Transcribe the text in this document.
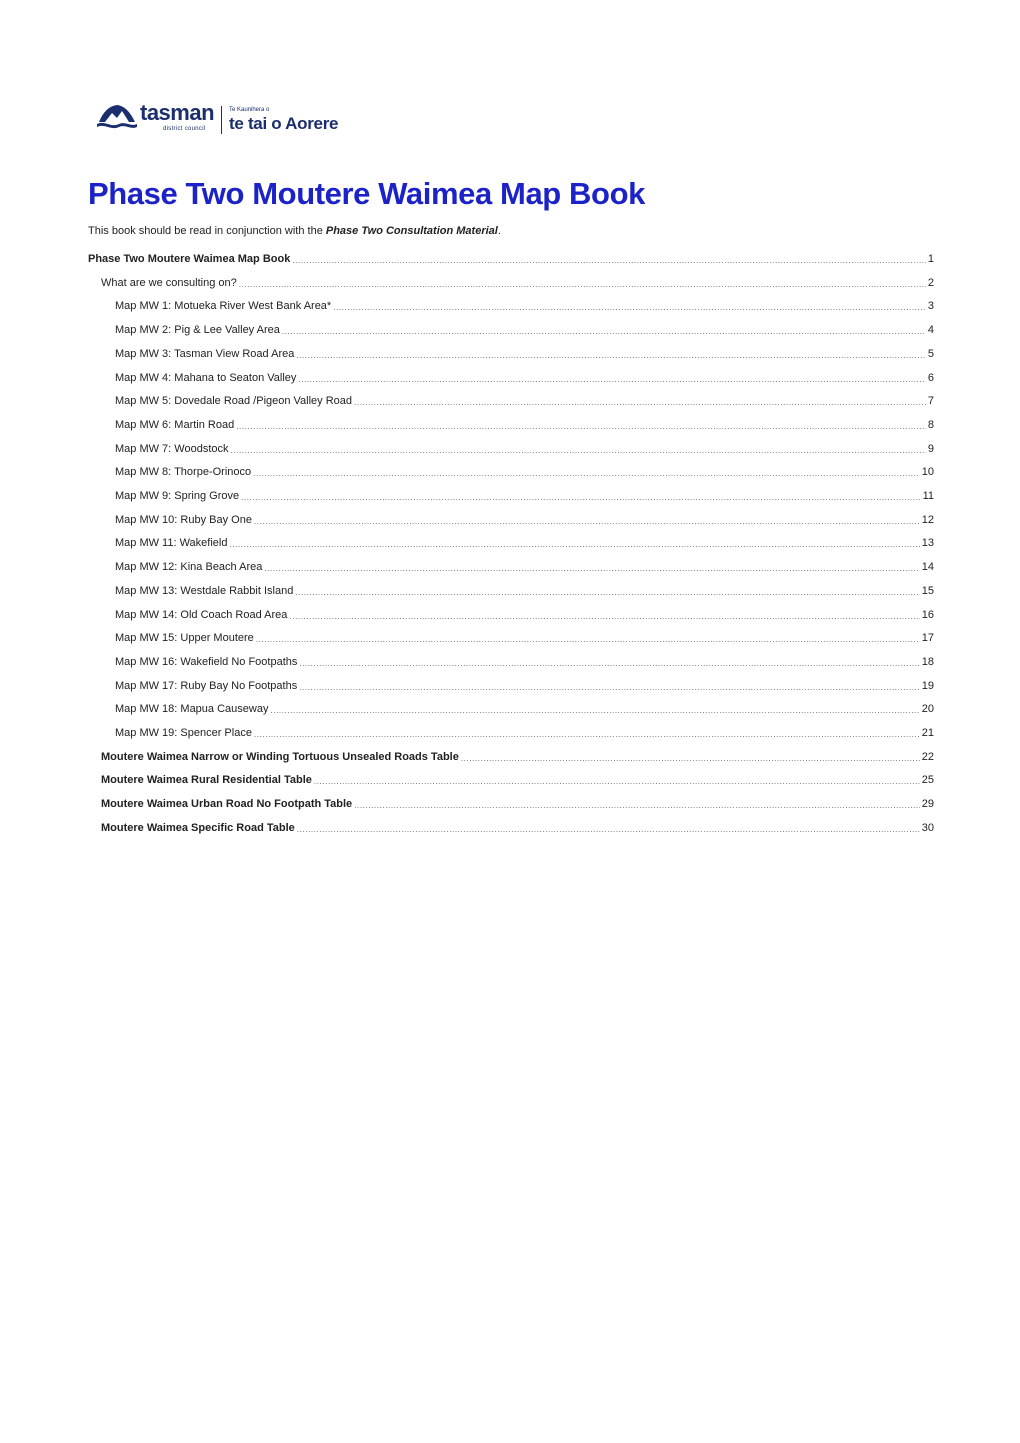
tasman
district council
Te Kaunihera o
te tai o Aorere
Phase Two Moutere Waimea Map Book
This book should be read in conjunction with the Phase Two Consultation Material.
Phase Two Moutere Waimea Map Book .....	1
What are we consulting on? .....	2
Map MW 1: Motueka River West Bank Area* .....	3
Map MW 2: Pig & Lee Valley Area .....	4
Map MW 3: Tasman View Road Area .....	5
Map MW 4: Mahana to Seaton Valley .....	6
Map MW 5: Dovedale Road /Pigeon Valley Road .....	7
Map MW 6: Martin Road .....	8
Map MW 7: Woodstock .....	9
Map MW 8: Thorpe-Orinoco .....	10
Map MW 9: Spring Grove .....	11
Map MW 10: Ruby Bay One .....	12
Map MW 11: Wakefield .....	13
Map MW 12: Kina Beach Area .....	14
Map MW 13: Westdale Rabbit Island .....	15
Map MW 14: Old Coach Road Area .....	16
Map MW 15: Upper Moutere .....	17
Map MW 16: Wakefield No Footpaths .....	18
Map MW 17: Ruby Bay No Footpaths .....	19
Map MW 18: Mapua Causeway .....	20
Map MW 19: Spencer Place .....	21
Moutere Waimea Narrow or Winding Tortuous Unsealed Roads Table .....	22
Moutere Waimea Rural Residential Table .....	25
Moutere Waimea Urban Road No Footpath Table .....	29
Moutere Waimea Specific Road Table .....	30
